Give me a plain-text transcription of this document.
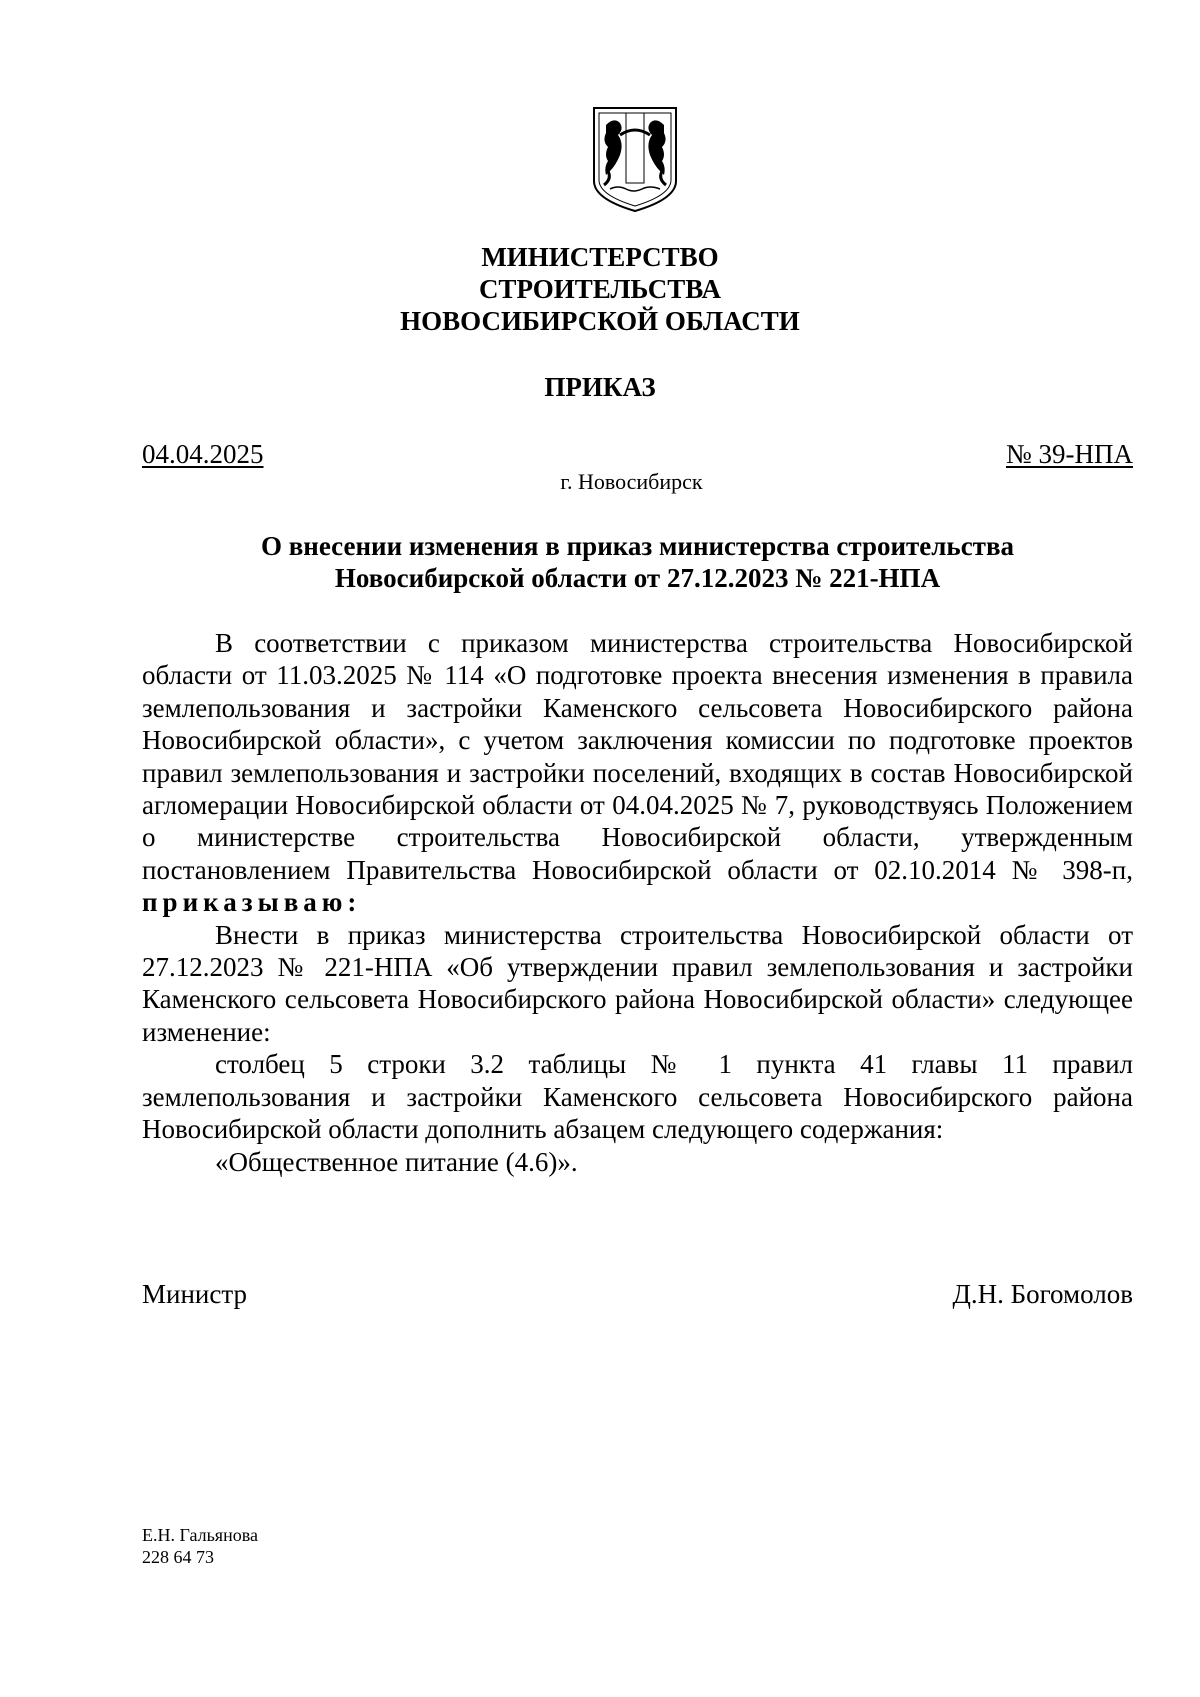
МИНИСТЕРСТВО
СТРОИТЕЛЬСТВА
НОВОСИБИРСКОЙ ОБЛАСТИ
ПРИКАЗ
04.04.2025	№ 39-НПА
г. Новосибирск
О внесении изменения в приказ министерства строительства
Новосибирской области от 27.12.2023 № 221-НПА

В соответствии с приказом министерства строительства Новосибирской области от 11.03.2025 № 114 «О подготовке проекта внесения изменения в правила землепользования и застройки Каменского сельсовета Новосибирского района Новосибирской области», с учетом заключения комиссии по подготовке проектов правил землепользования и застройки поселений, входящих в состав Новосибирской агломерации Новосибирской области от 04.04.2025 № 7, руководствуясь Положением о министерстве строительства Новосибирской области, утвержденным постановлением Правительства Новосибирской области от 02.10.2014 № 398-п, приказываю:

Внести в приказ министерства строительства Новосибирской области от 27.12.2023 № 221-НПА «Об утверждении правил землепользования и застройки Каменского сельсовета Новосибирского района Новосибирской области» следующее изменение:

столбец 5 строки 3.2 таблицы № 1 пункта 41 главы 11 правил землепользования и застройки Каменского сельсовета Новосибирского района Новосибирской области дополнить абзацем следующего содержания:

«Общественное питание (4.6)».

Министр	Д.Н. Богомолов
Е.Н. Гальянова
228 64 73
